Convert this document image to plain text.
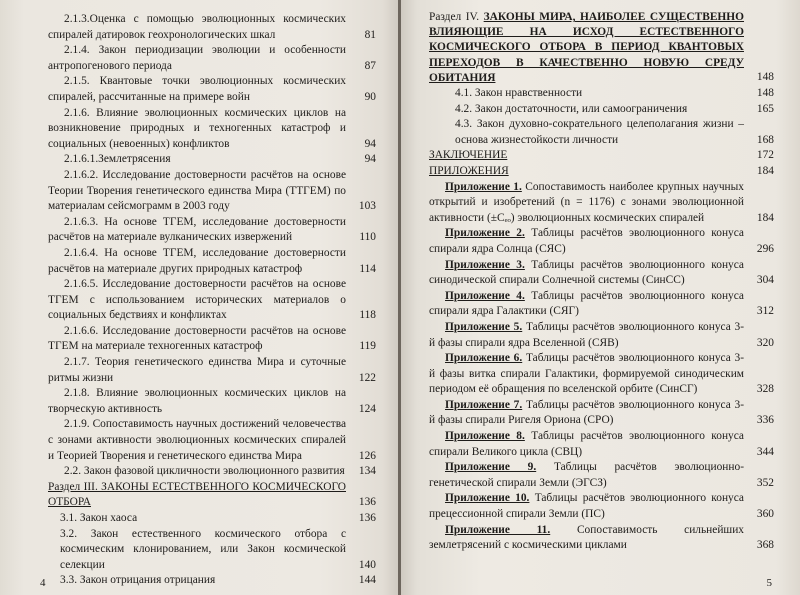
2.1.3.Оценка с помощью эволюционных космических спиралей датировок геохронологических шкал	81
2.1.4. Закон периодизации эволюции и особенности антропогенового периода	87
2.1.5. Квантовые точки эволюционных космических спиралей, рассчитанные на примере войн	90
2.1.6. Влияние эволюционных космических циклов на возникновение природных и техногенных катастроф и социальных (невоенных) конфликтов	94
2.1.6.1.Землетрясения	94
2.1.6.2. Исследование достоверности расчётов на основе Теории Творения генетического единства Мира (ТТГЕМ) по материалам сейсмограмм в 2003 году	103
2.1.6.3. На основе ТГЕМ, исследование достоверности расчётов на материале вулканических извержений	110
2.1.6.4. На основе ТГЕМ, исследование достоверности расчётов на материале других природных катастроф	114
2.1.6.5. Исследование достоверности расчётов на основе ТГЕМ с использованием исторических материалов о социальных бедствиях и конфликтах	118
2.1.6.6. Исследование достоверности расчётов на основе ТГЕМ на материале техногенных катастроф	119
2.1.7. Теория генетического единства Мира и суточные ритмы жизни	122
2.1.8. Влияние эволюционных космических циклов на творческую активность	124
2.1.9. Сопоставимость научных достижений человечества с зонами активности эволюционных космических спиралей и Теорией Творения и генетического единства Мира	126
2.2. Закон фазовой цикличности эволюционного развития	134
Раздел III. ЗАКОНЫ ЕСТЕСТВЕННОГО КОСМИЧЕСКОГО ОТБОРА	136
3.1. Закон хаоса	136
3.2. Закон естественного космического отбора с космическим клонированием, или Закон космической селекции	140
3.3. Закон отрицания отрицания	144
4
Раздел IV. ЗАКОНЫ МИРА, НАИБОЛЕЕ СУЩЕСТВЕННО ВЛИЯЮЩИЕ НА ИСХОД ЕСТЕСТВЕННОГО КОСМИЧЕСКОГО ОТБОРА В ПЕРИОД КВАНТОВЫХ ПЕРЕХОДОВ В КАЧЕСТВЕННО НОВУЮ СРЕДУ ОБИТАНИЯ	148
4.1. Закон нравственности	148
4.2. Закон достаточности, или самоограничения	165
4.3. Закон духовно-сократельного целеполагания жизни – основа жизнестойкости личности	168
ЗАКЛЮЧЕНИЕ	172
ПРИЛОЖЕНИЯ	184
Приложение 1. Сопоставимость наиболее крупных научных открытий и изобретений (n = 1176) с зонами эволюционной активности (±Cₑₒ) эволюционных космических спиралей	184
Приложение 2. Таблицы расчётов эволюционного конуса спирали ядра Солнца (СЯС)	296
Приложение 3. Таблицы расчётов эволюционного конуса синодической спирали Солнечной системы (СинСС)	304
Приложение 4. Таблицы расчётов эволюционного конуса спирали ядра Галактики (СЯГ)	312
Приложение 5. Таблицы расчётов эволюционного конуса 3-й фазы спирали ядра Вселенной (СЯВ)	320
Приложение 6. Таблицы расчётов эволюционного конуса 3-й фазы витка спирали Галактики, формируемой синодическим периодом её обращения по вселенской орбите (СинСГ)	328
Приложение 7. Таблицы расчётов эволюционного конуса 3-й фазы спирали Ригеля Ориона (СРО)	336
Приложение 8. Таблицы расчётов эволюционного конуса спирали Великого цикла (СВЦ)	344
Приложение 9. Таблицы расчётов эволюционно-генетической спирали Земли (ЭГСЗ)	352
Приложение 10. Таблицы расчётов эволюционного конуса прецессионной спирали Земли (ПС)	360
Приложение 11. Сопоставимость сильнейших землетрясений с космическими циклами	368
5
